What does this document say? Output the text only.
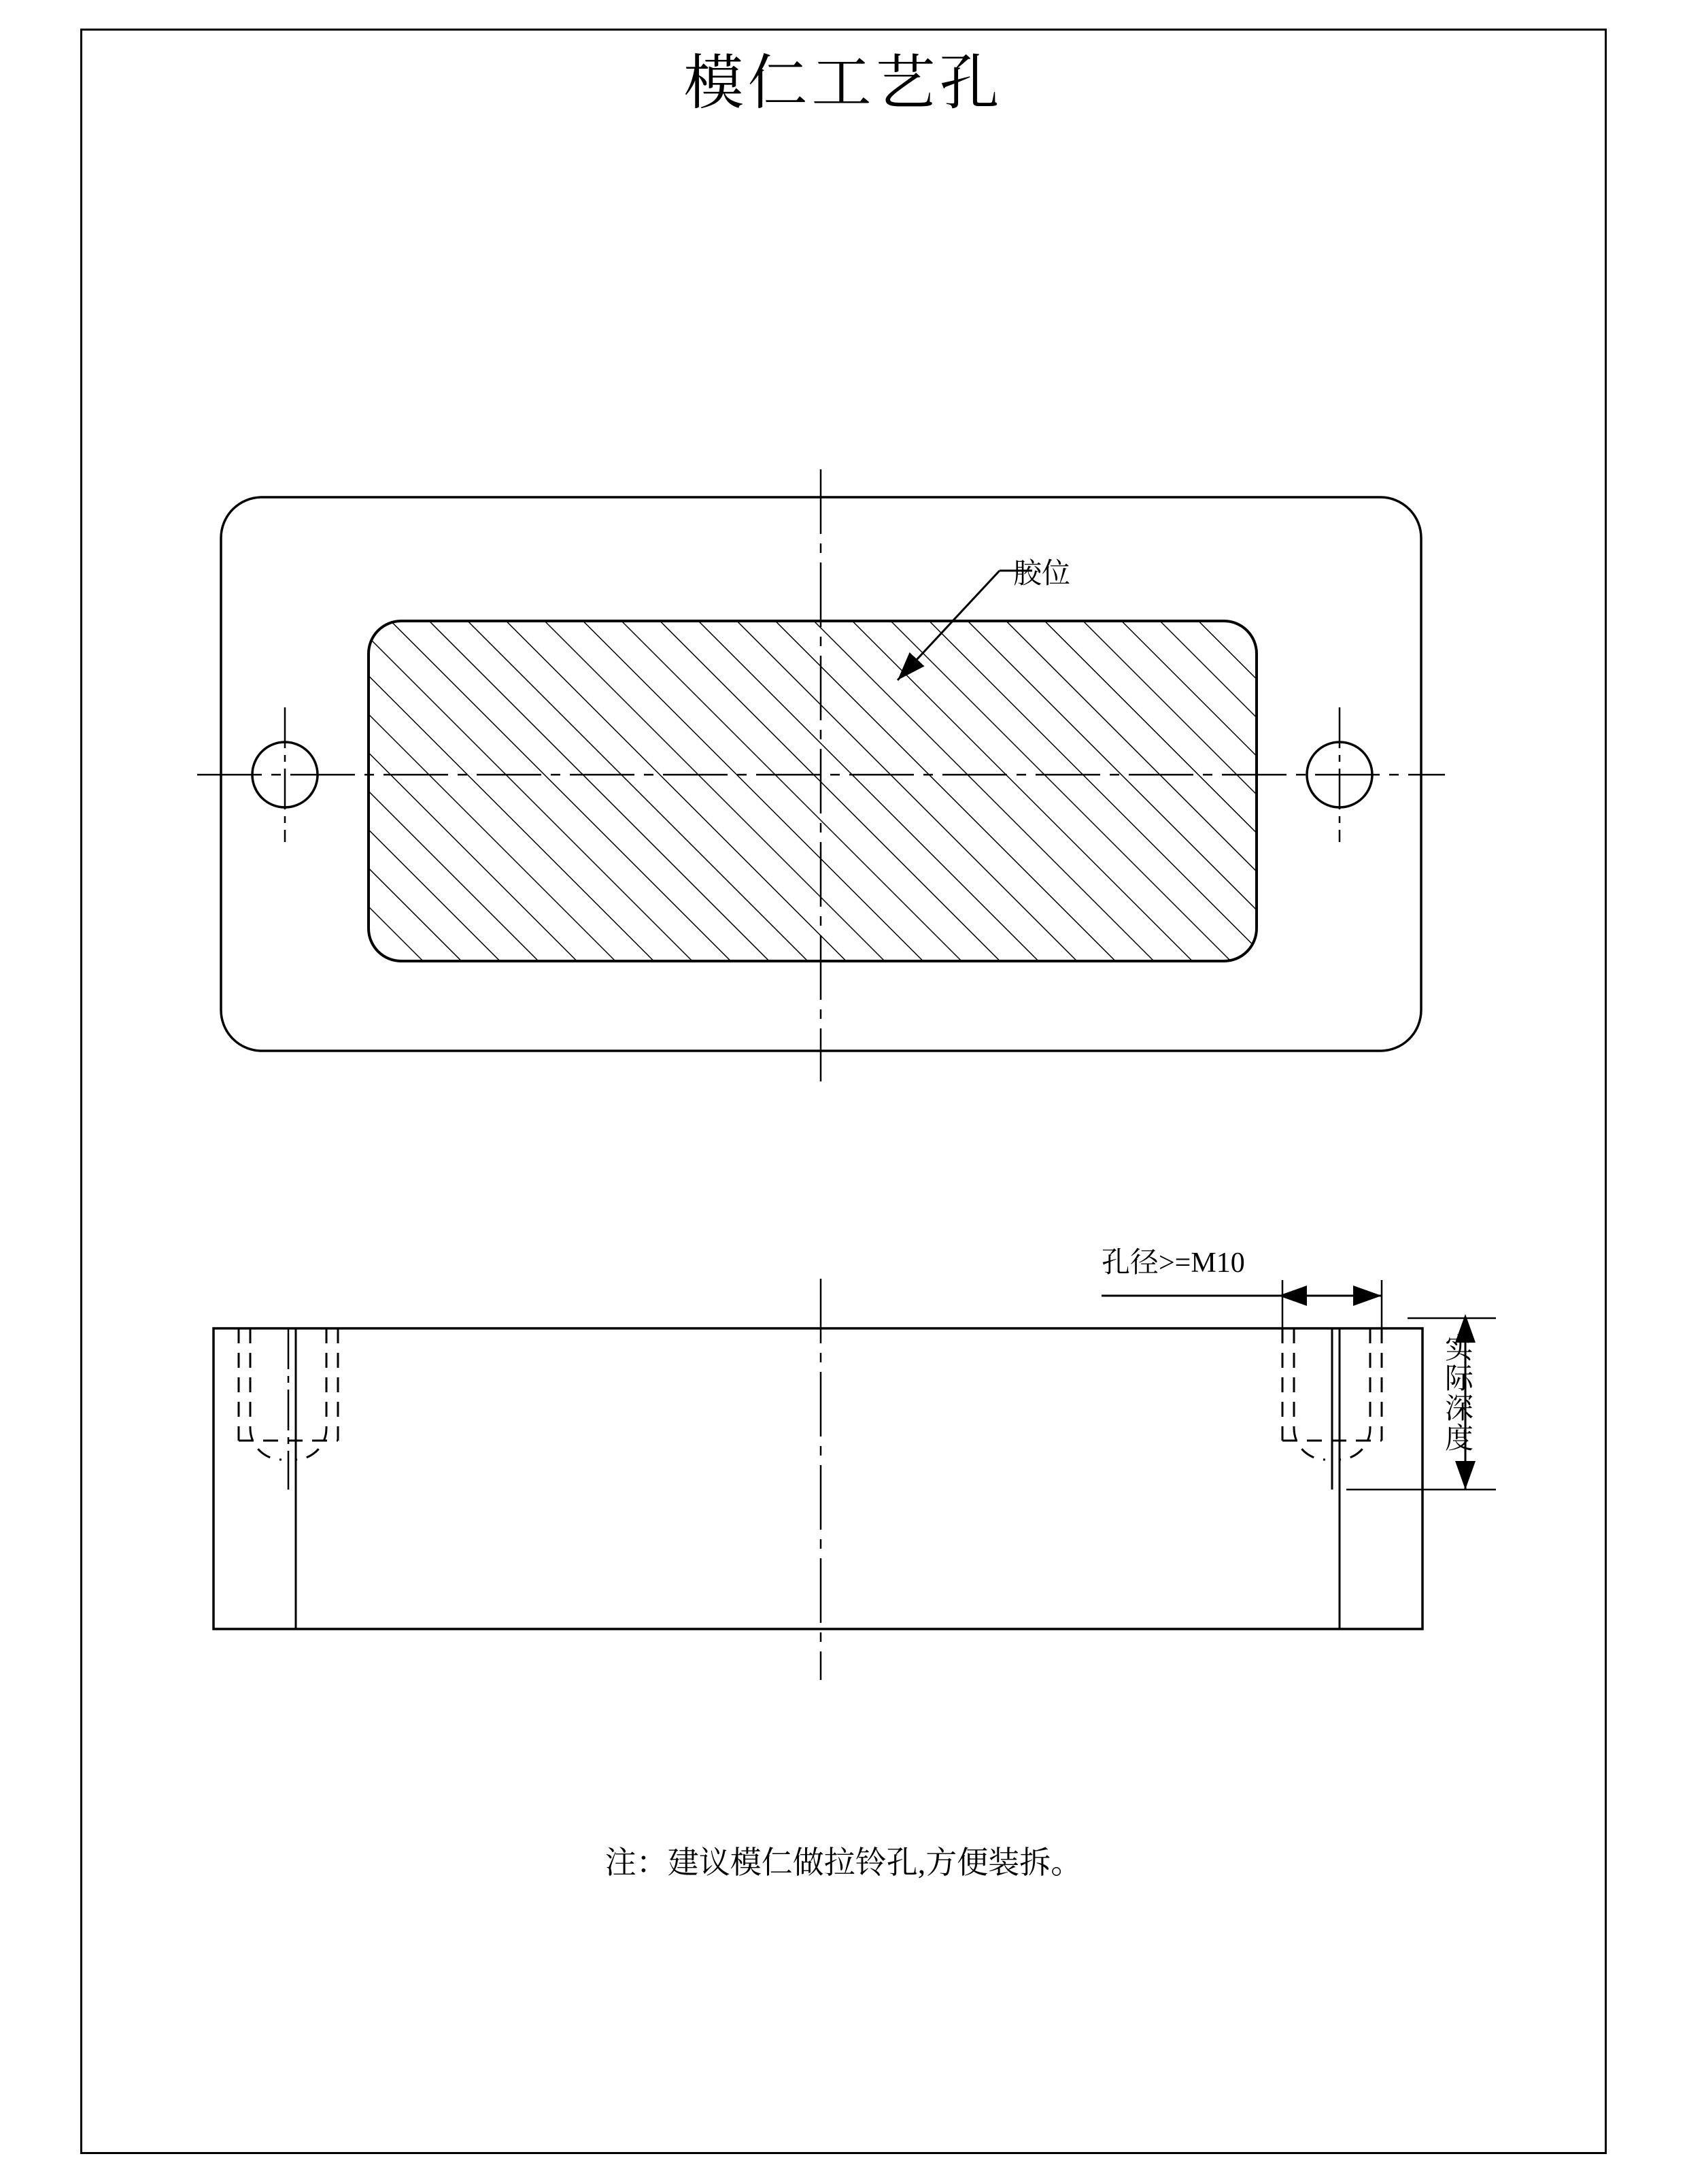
模仁工艺孔
胶位
孔径>=M10
实际深度
注：建议模仁做拉铃孔,方便装拆。
